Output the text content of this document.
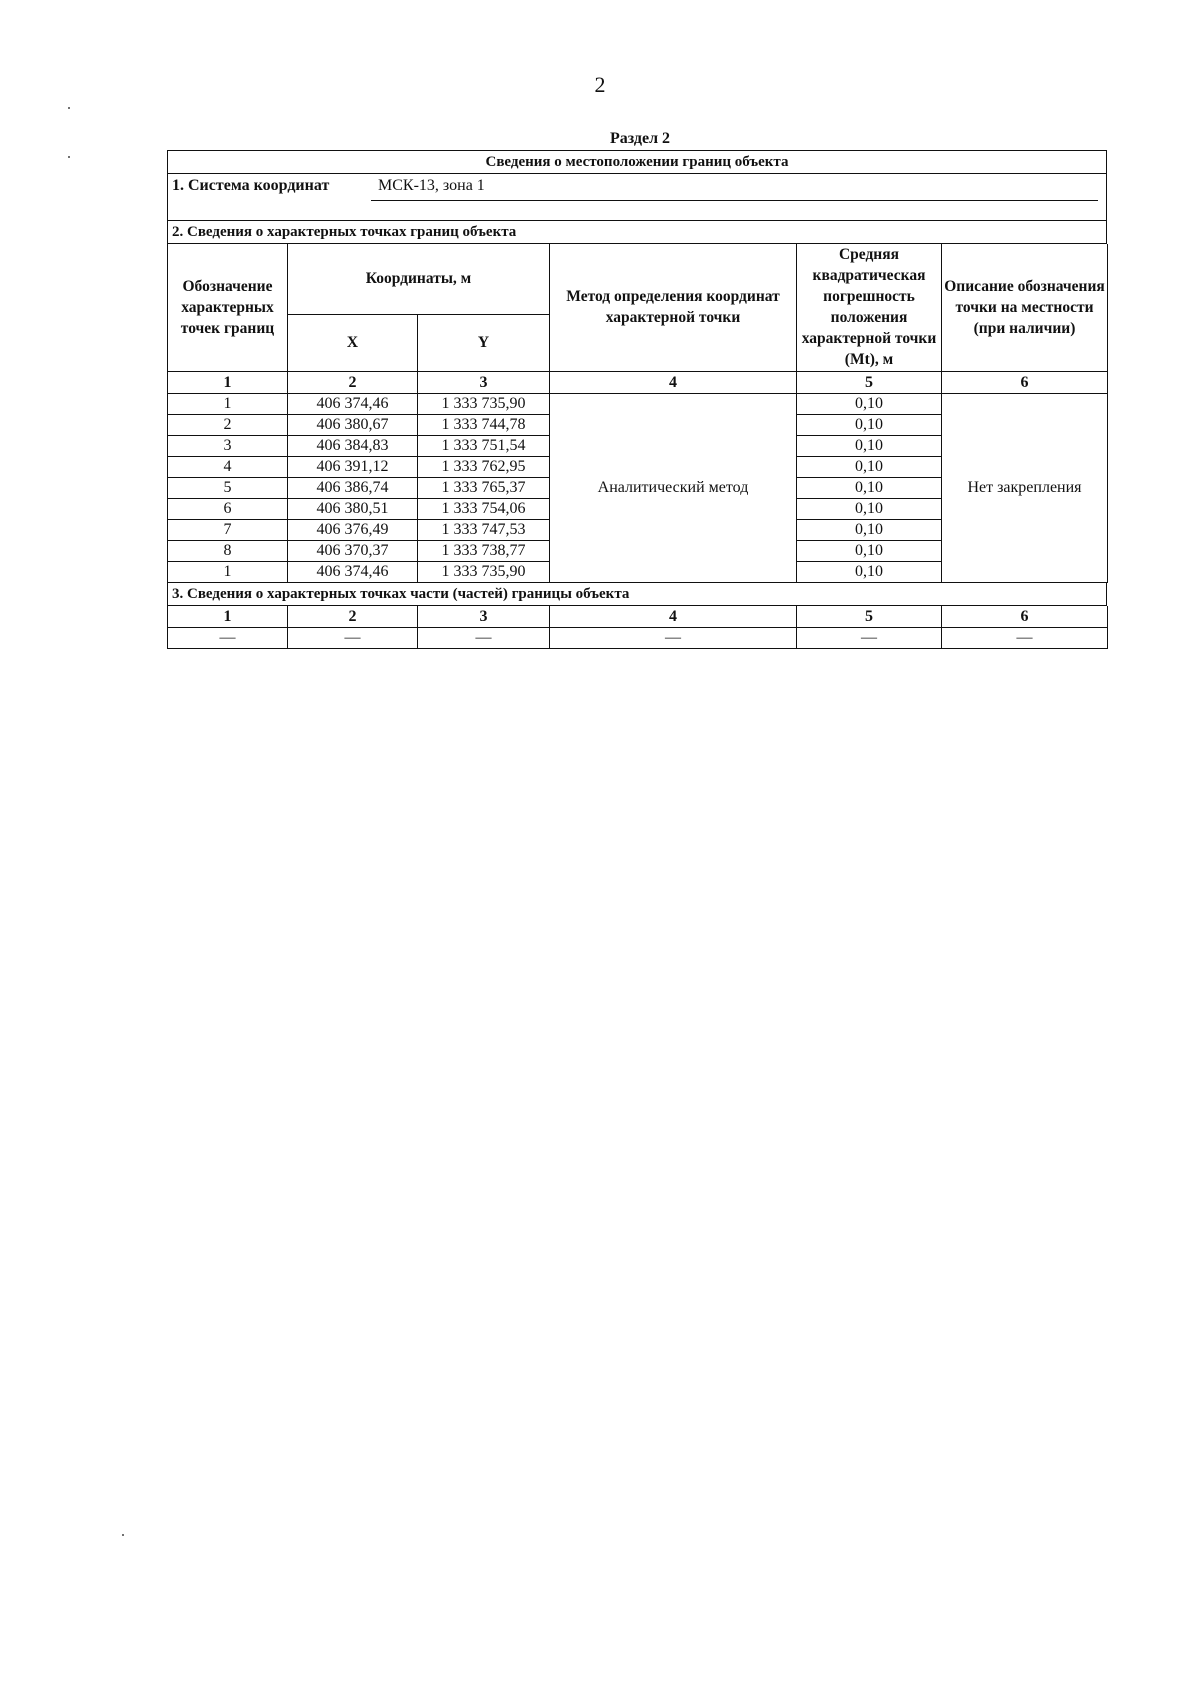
2
Раздел 2
Сведения о местоположении границ объекта
1. Система координат	МСК-13, зона 1
2. Сведения о характерных точках границ объекта
Обозначение характерных точек границ	Координаты, м		Метод определения координат характерной точки	Средняя квадратическая погрешность положения характерной точки (Mt), м	Описание обозначения точки на местности (при наличии)
	X	Y			
1	2	3	4	5	6
1	406 374,46	1 333 735,90	Аналитический метод	0,10	Нет закрепления
2	406 380,67	1 333 744,78		0,10	
3	406 384,83	1 333 751,54		0,10	
4	406 391,12	1 333 762,95		0,10	
5	406 386,74	1 333 765,37		0,10	
6	406 380,51	1 333 754,06		0,10	
7	406 376,49	1 333 747,53		0,10	
8	406 370,37	1 333 738,77		0,10	
1	406 374,46	1 333 735,90		0,10	
3. Сведения о характерных точках части (частей) границы объекта
1	2	3	4	5	6
—	—	—	—	—	—
